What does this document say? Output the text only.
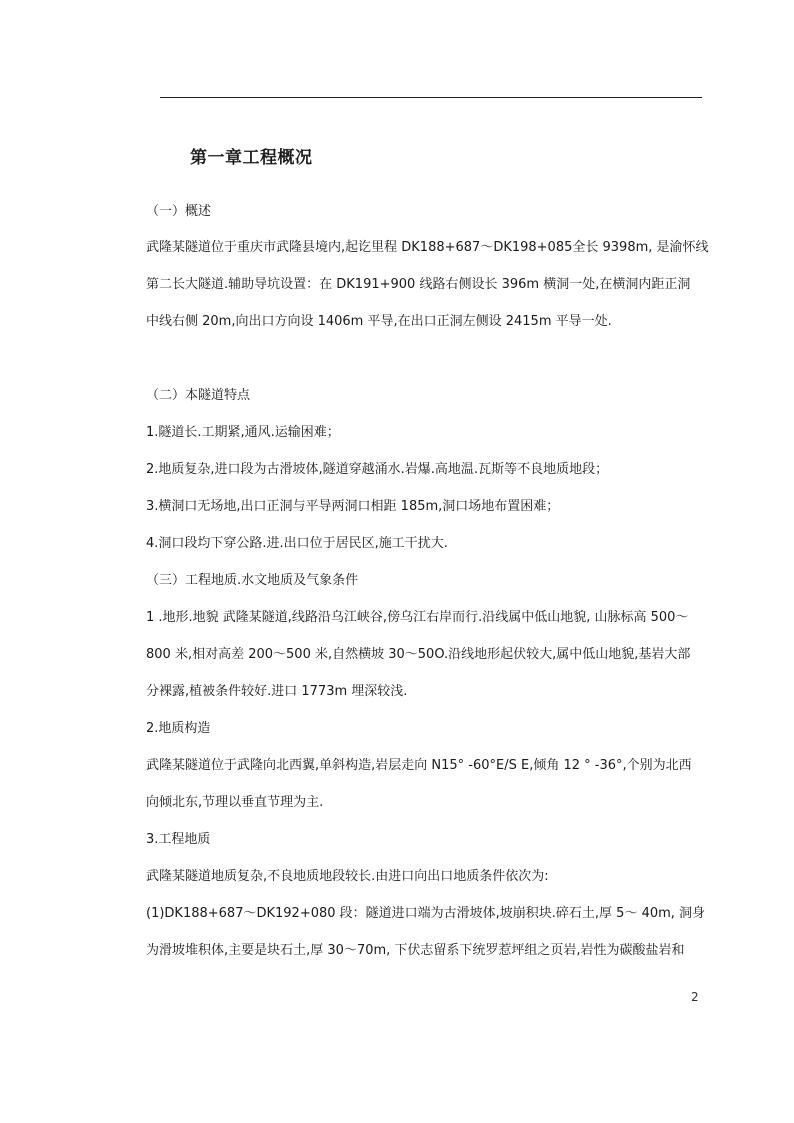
第一章工程概况
（一）概述
武隆某隧道位于重庆市武隆县境内,起讫里程 DK188+687～DK198+085全长 9398m, 是渝怀线
第二长大隧道.辅助导坑设置：在 DK191+900 线路右侧设长 396m 横洞一处,在横洞内距正洞
中线右侧 20m,向出口方向设 1406m 平导,在出口正洞左侧设 2415m 平导一处.
（二）本隧道特点
1.隧道长.工期紧,通风.运输困难；
2.地质复杂,进口段为古滑坡体,隧道穿越涌水.岩爆.高地温.瓦斯等不良地质地段；
3.横洞口无场地,出口正洞与平导两洞口相距 185m,洞口场地布置困难；
4.洞口段均下穿公路.进.出口位于居民区,施工干扰大.
（三）工程地质.水文地质及气象条件
1 .地形.地貌 武隆某隧道,线路沿乌江峡谷,傍乌江右岸而行.沿线属中低山地貌, 山脉标高 500～
800 米,相对高差 200～500 米,自然横坡 30～50O.沿线地形起伏较大,属中低山地貌,基岩大部
分裸露,植被条件较好.进口 1773m 埋深较浅.
2.地质构造
武隆某隧道位于武隆向北西翼,单斜构造,岩层走向 N15° -60°E/S E,倾角 12 ° -36°,个别为北西
向倾北东,节理以垂直节理为主.
3.工程地质
武隆某隧道地质复杂,不良地质地段较长.由进口向出口地质条件依次为:
(1)DK188+687～DK192+080 段：隧道进口端为古滑坡体,坡崩积块.碎石土,厚 5～ 40m, 洞身
为滑坡堆积体,主要是块石土,厚 30～70m, 下伏志留系下统罗惹坪组之页岩,岩性为碳酸盐岩和
2
